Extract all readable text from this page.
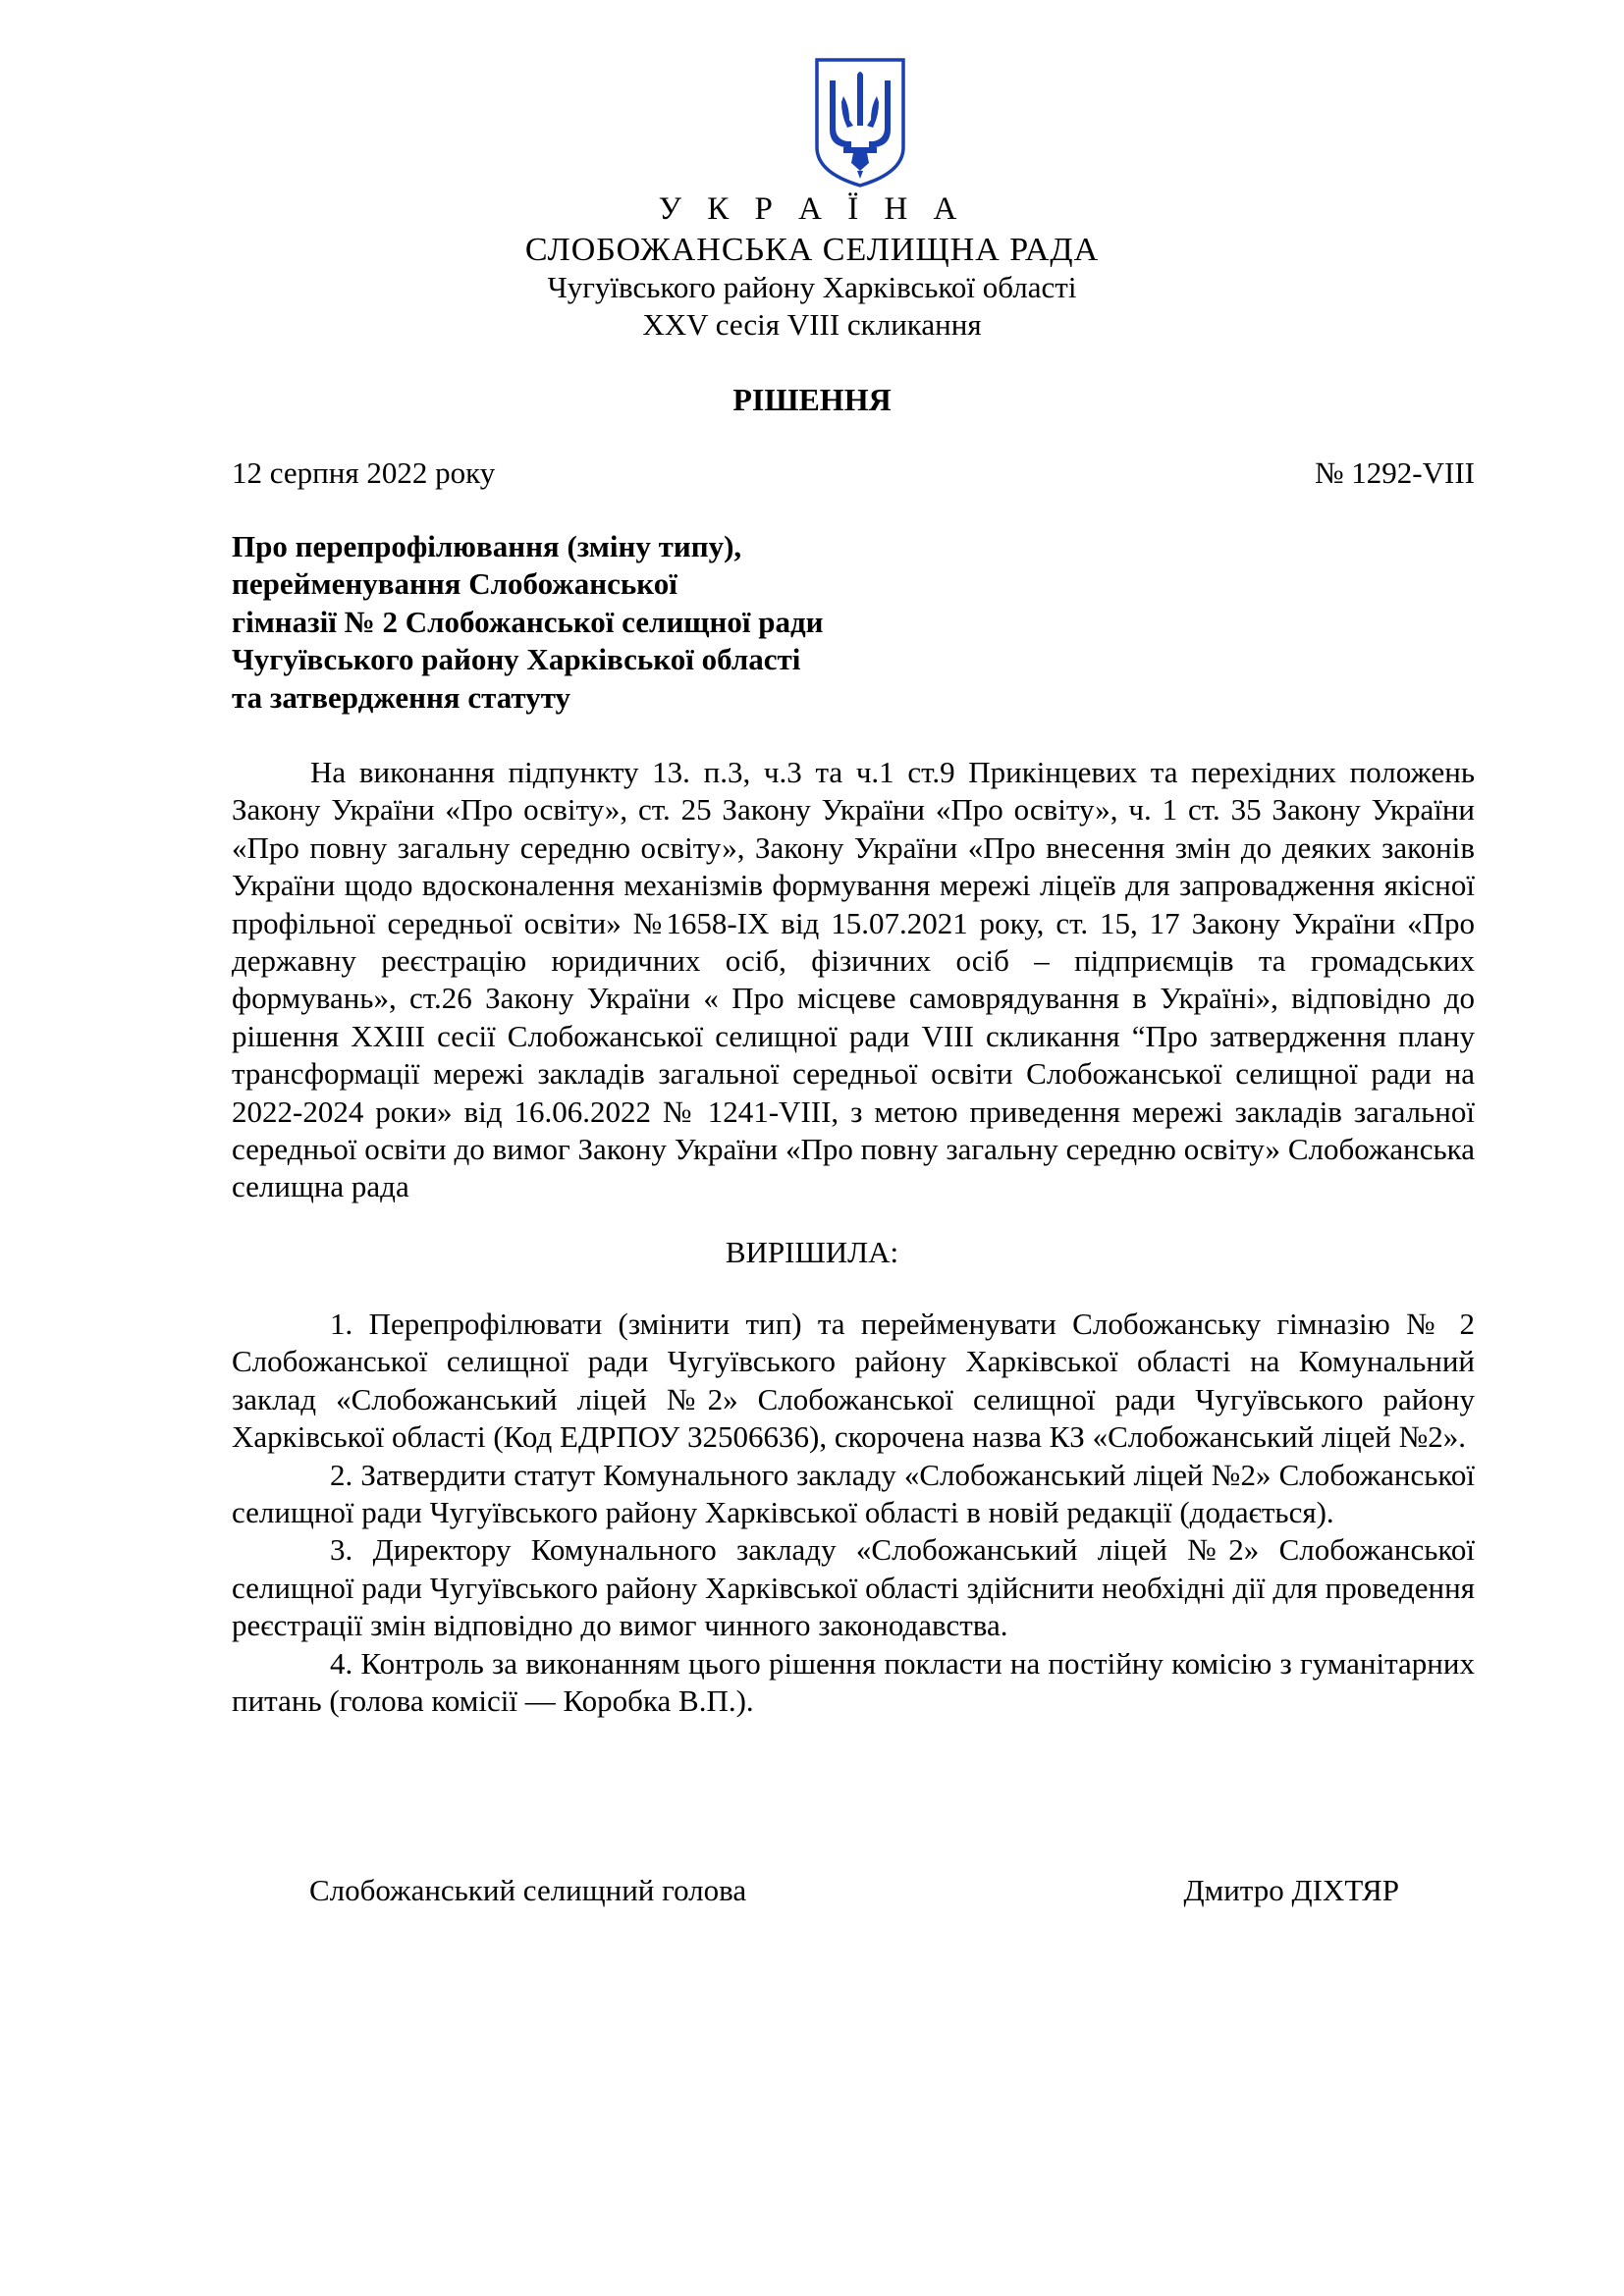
У К Р А Ї Н А
СЛОБОЖАНСЬКА СЕЛИЩНА РАДА
Чугуївського району Харківської області
XXV сесія VIII скликання
РІШЕННЯ
12 серпня 2022 року	№ 1292-VIII
Про перепрофілювання (зміну типу),
перейменування Слобожанської
гімназії № 2 Слобожанської селищної ради
Чугуївського району Харківської області
та затвердження статуту
На виконання підпункту 13. п.3, ч.3 та ч.1 ст.9 Прикінцевих та перехідних положень Закону України «Про освіту», ст. 25 Закону України «Про освіту», ч. 1 ст. 35 Закону України «Про повну загальну середню освіту», Закону України «Про внесення змін до деяких законів України щодо вдосконалення механізмів формування мережі ліцеїв для запровадження якісної профільної середньої освіти» №1658-ІХ від 15.07.2021 року, ст. 15, 17 Закону України «Про державну реєстрацію юридичних осіб, фізичних осіб – підприємців та громадських формувань», ст.26 Закону України « Про місцеве самоврядування в Україні», відповідно до рішення XXIII сесії Слобожанської селищної ради VIII скликання “Про затвердження плану трансформації мережі закладів загальної середньої освіти Слобожанської селищної ради на 2022-2024 роки» від 16.06.2022 № 1241-VIII, з метою приведення мережі закладів загальної середньої освіти до вимог Закону України «Про повну загальну середню освіту» Слобожанська селищна рада
ВИРІШИЛА:

1. Перепрофілювати (змінити тип) та перейменувати Слобожанську гімназію № 2 Слобожанської селищної ради Чугуївського району Харківської області на Комунальний заклад «Слобожанський ліцей №2» Слобожанської селищної ради Чугуївського району Харківської області (Код ЕДРПОУ 32506636), скорочена назва КЗ «Слобожанський ліцей №2».

2. Затвердити статут Комунального закладу «Слобожанський ліцей №2» Слобожанської селищної ради Чугуївського району Харківської області в новій редакції (додається).

3. Директору Комунального закладу «Слобожанський ліцей №2» Слобожанської селищної ради Чугуївського району Харківської області здійснити необхідні дії для проведення реєстрації змін відповідно до вимог чинного законодавства.

4. Контроль за виконанням цього рішення покласти на постійну комісію з гуманітарних питань (голова комісії — Коробка В.П.).

Слобожанський селищний голова	Дмитро ДІХТЯР
